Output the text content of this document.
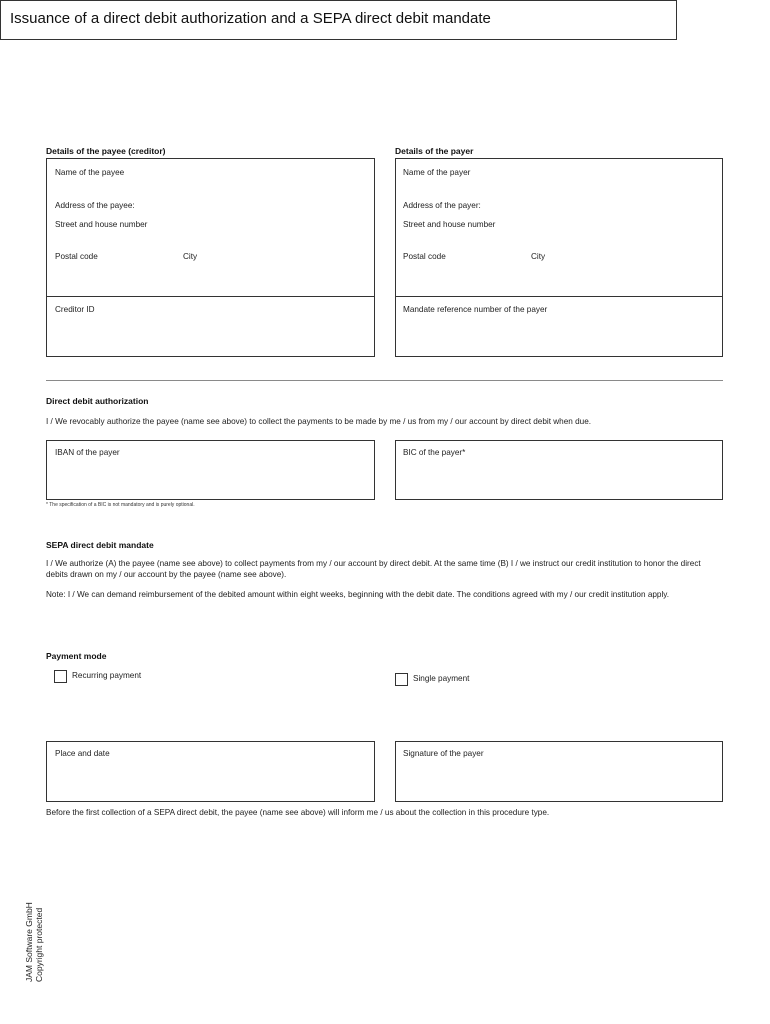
Issuance of a direct debit authorization and a SEPA direct debit mandate
Details of the payee (creditor)
Name of the payee
Address of the payee:
Street and house number
Postal code	City
Creditor ID
Details of the payer
Name of the payer
Address of the payer:
Street and house number
Postal code	City
Mandate reference number of the payer
Direct debit authorization
I / We revocably authorize the payee (name see above) to collect the payments to be made by me / us from my / our account by direct debit when due.
IBAN of the payer	BIC of the payer*
* The specification of a BIC is not mandatory and is purely optional.
SEPA direct debit mandate
I / We authorize (A) the payee (name see above) to collect payments from my / our account by direct debit. At the same time (B) I / we instruct our credit institution to honor the direct debits drawn on my / our account by the payee (name see above).
Note: I / We can demand reimbursement of the debited amount within eight weeks, beginning with the debit date. The conditions agreed with my / our credit institution apply.
Payment mode
Recurring payment	Single payment
Place and date	Signature of the payer
Before the first collection of a SEPA direct debit, the payee (name see above) will inform me / us about the collection in this procedure type.
JAM Software GmbH Copyright protected
